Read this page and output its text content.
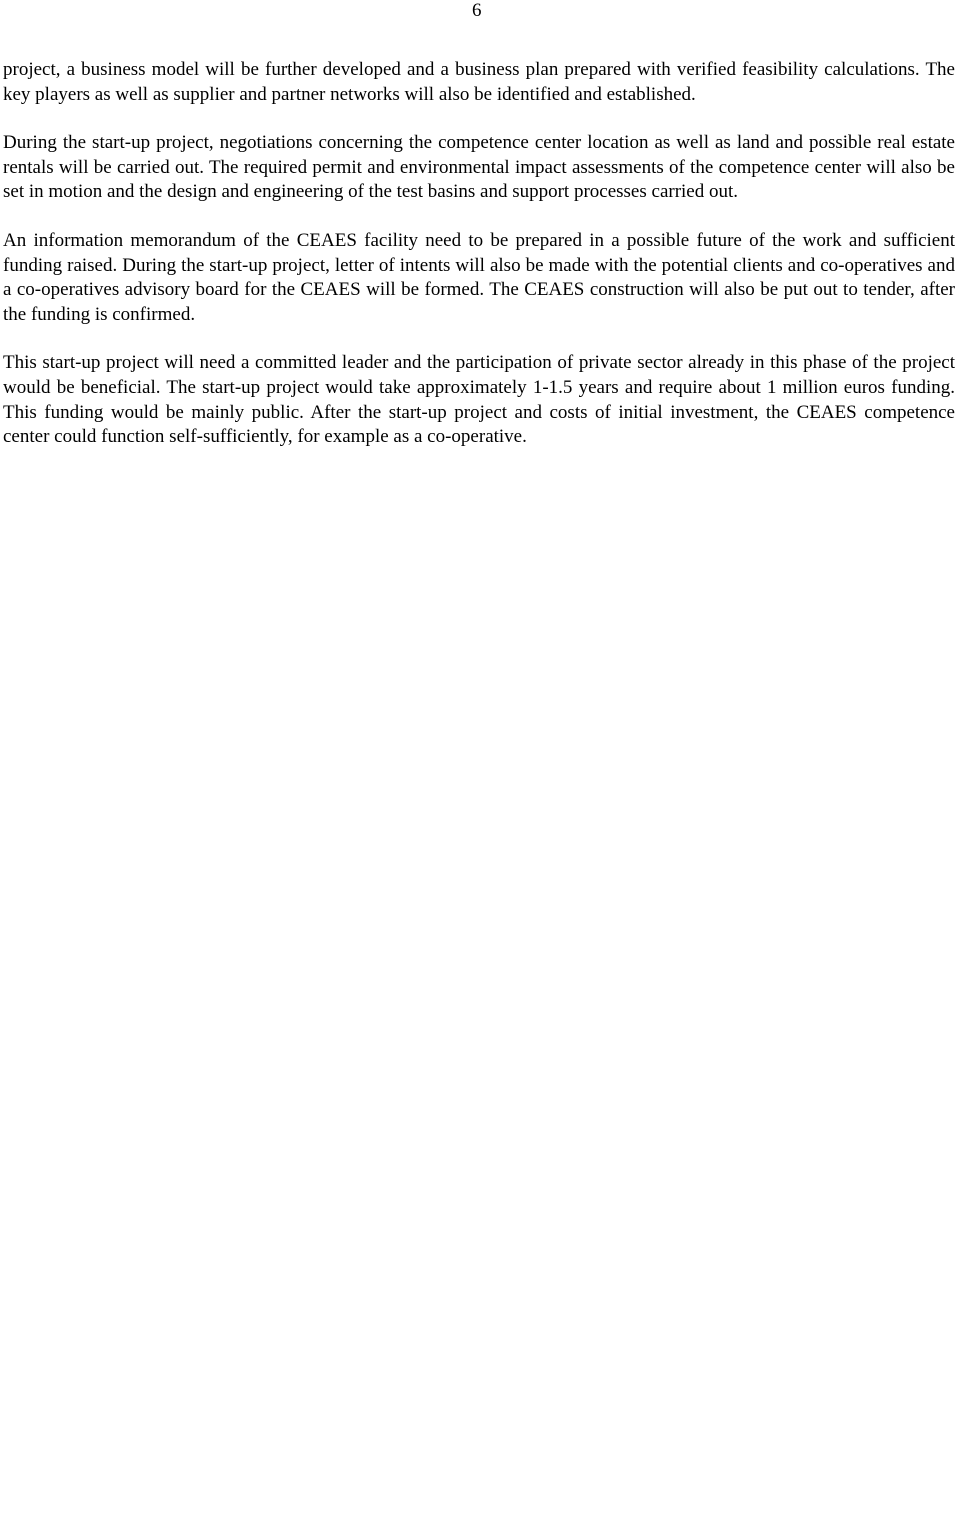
6

project, a business model will be further developed and a business plan prepared with verified feasibility calculations. The key players as well as supplier and partner networks will also be identified and established.

During the start-up project, negotiations concerning the competence center location as well as land and possible real estate rentals will be carried out. The required permit and environmental impact assessments of the competence center will also be set in motion and the design and engineering of the test basins and support processes carried out.

An information memorandum of the CEAES facility need to be prepared in a possible future of the work and sufficient funding raised. During the start-up project, letter of intents will also be made with the potential clients and co-operatives and a co-operatives advisory board for the CEAES will be formed. The CEAES construction will also be put out to tender, after the funding is confirmed.

This start-up project will need a committed leader and the participation of private sector already in this phase of the project would be beneficial. The start-up project would take approximately 1-1.5 years and require about 1 million euros funding. This funding would be mainly public. After the start-up project and costs of initial investment, the CEAES competence center could function self-sufficiently, for example as a co-operative.
